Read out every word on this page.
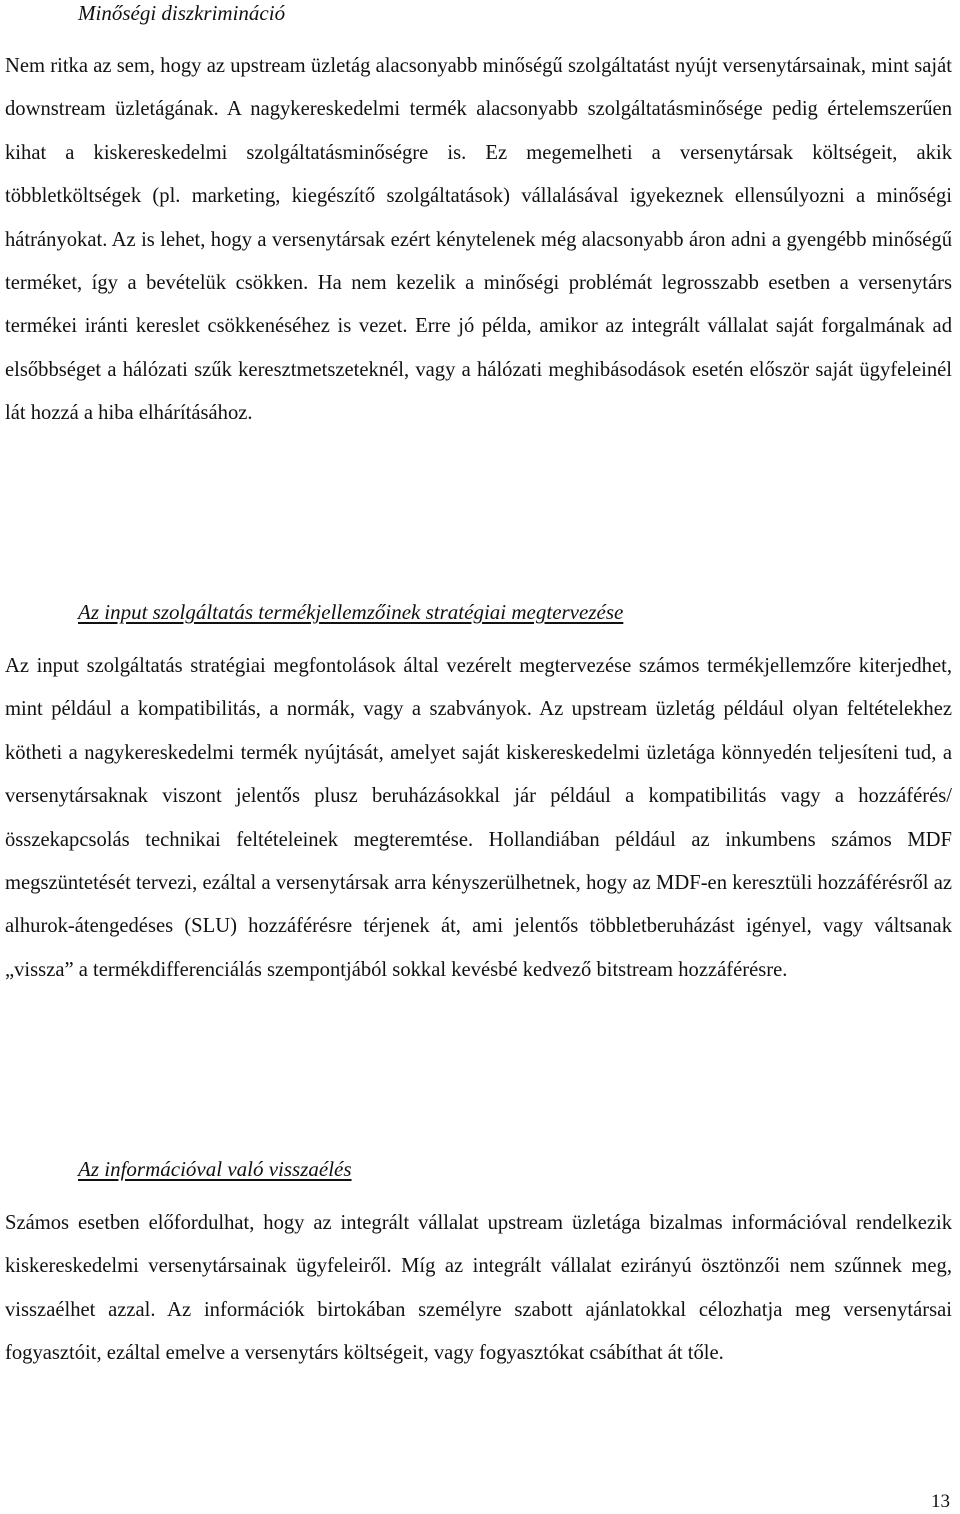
Minőségi diszkrimináció

Nem ritka az sem, hogy az upstream üzletág alacsonyabb minőségű szolgáltatást nyújt versenytársainak, mint saját downstream üzletágának. A nagykereskedelmi termék alacsonyabb szolgáltatásminősége pedig értelemszerűen kihat a kiskereskedelmi szolgáltatásminőségre is. Ez megemelheti a versenytársak költségeit, akik többletköltségek (pl. marketing, kiegészítő szolgáltatások) vállalásával igyekeznek ellensúlyozni a minőségi hátrányokat. Az is lehet, hogy a versenytársak ezért kénytelenek még alacsonyabb áron adni a gyengébb minőségű terméket, így a bevételük csökken. Ha nem kezelik a minőségi problémát legrosszabb esetben a versenytárs termékei iránti kereslet csökkenéséhez is vezet. Erre jó példa, amikor az integrált vállalat saját forgalmának ad elsőbbséget a hálózati szűk keresztmetszeteknél, vagy a hálózati meghibásodások esetén először saját ügyfeleinél lát hozzá a hiba elhárításához.

Az input szolgáltatás termékjellemzőinek stratégiai megtervezése

Az input szolgáltatás stratégiai megfontolások által vezérelt megtervezése számos termékjellemzőre kiterjedhet, mint például a kompatibilitás, a normák, vagy a szabványok. Az upstream üzletág például olyan feltételekhez kötheti a nagykereskedelmi termék nyújtását, amelyet saját kiskereskedelmi üzletága könnyedén teljesíteni tud, a versenytársaknak viszont jelentős plusz beruházásokkal jár például a kompatibilitás vagy a hozzáférés/ összekapcsolás technikai feltételeinek megteremtése. Hollandiában például az inkumbens számos MDF megszüntetését tervezi, ezáltal a versenytársak arra kényszerülhetnek, hogy az MDF-en keresztüli hozzáférésről az alhurok-átengedéses (SLU) hozzáférésre térjenek át, ami jelentős többletberuházást igényel, vagy váltsanak „vissza” a termékdifferenciálás szempontjából sokkal kevésbé kedvező bitstream hozzáférésre.

Az információval való visszaélés

Számos esetben előfordulhat, hogy az integrált vállalat upstream üzletága bizalmas információval rendelkezik kiskereskedelmi versenytársainak ügyfeleiről. Míg az integrált vállalat ezirányú ösztönzői nem szűnnek meg, visszaélhet azzal. Az információk birtokában személyre szabott ajánlatokkal célozhatja meg versenytársai fogyasztóit, ezáltal emelve a versenytárs költségeit, vagy fogyasztókat csábíthat át tőle.

13
